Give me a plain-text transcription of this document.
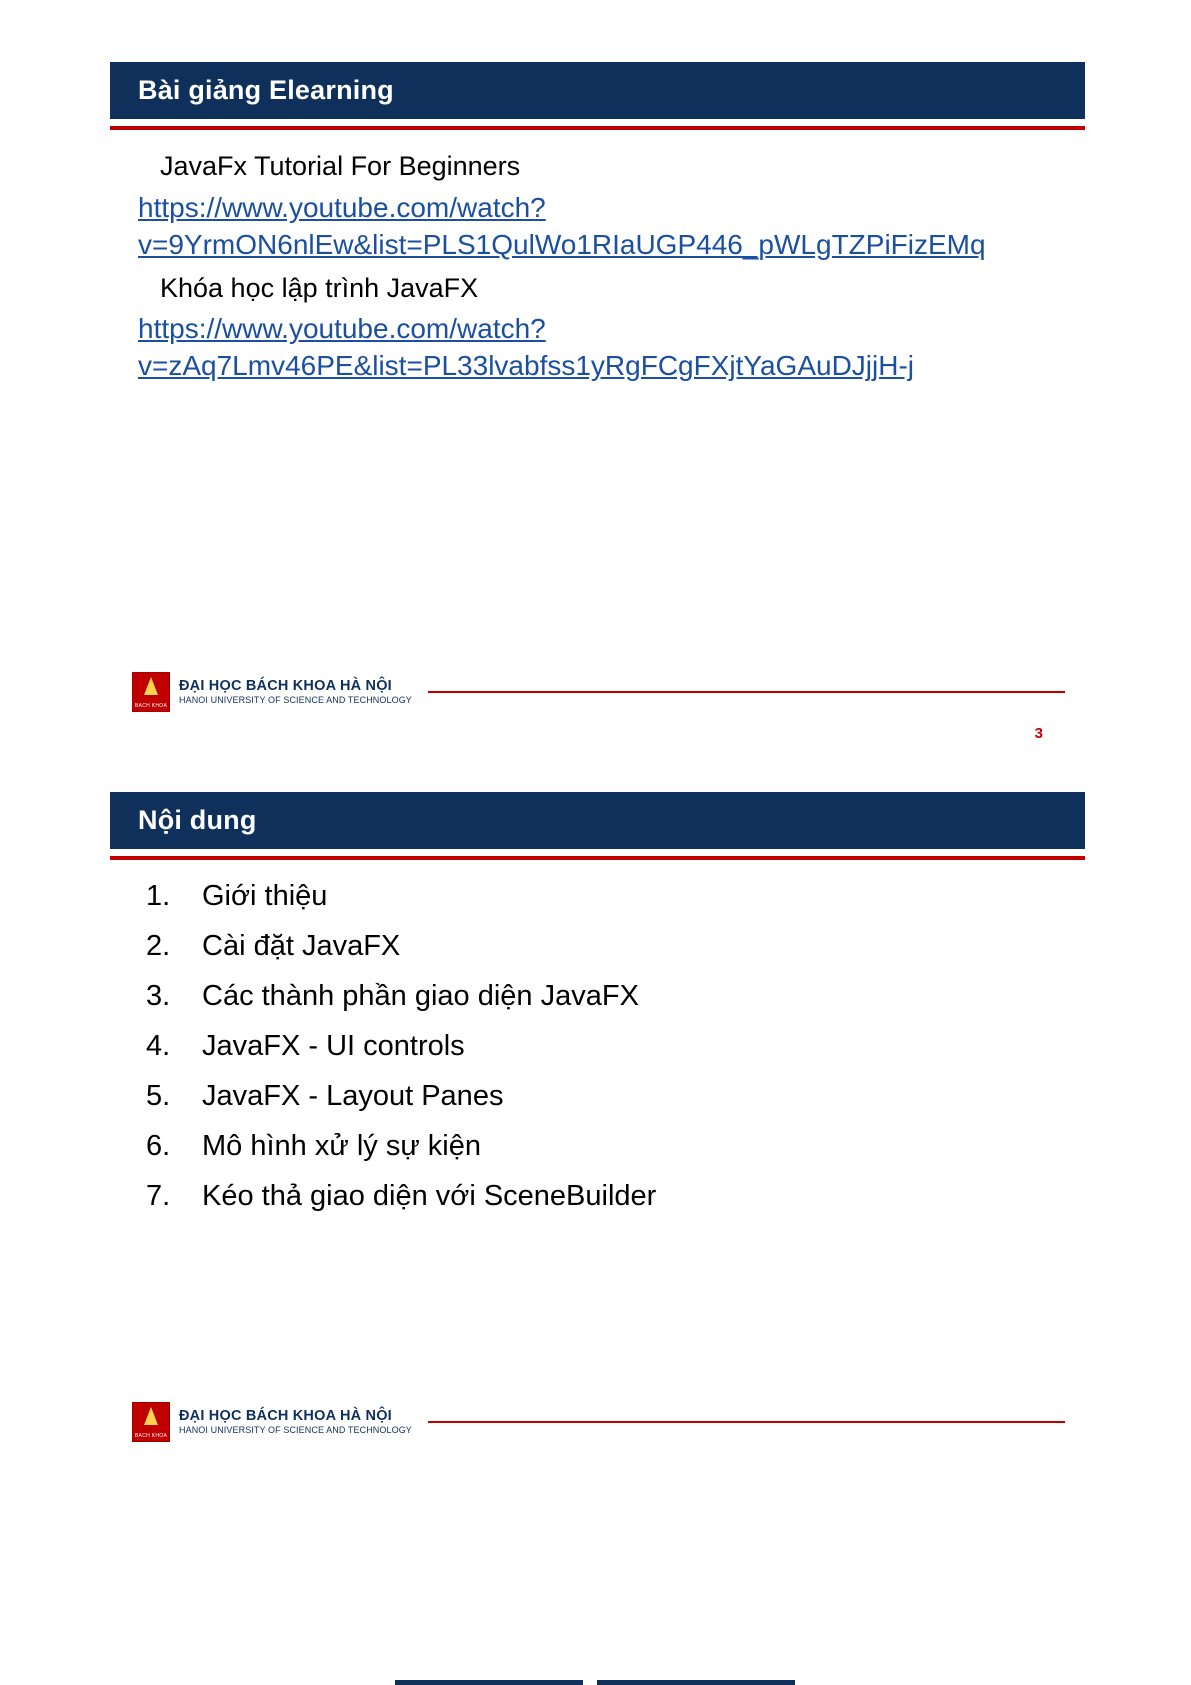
Bài giảng Elearning
JavaFx Tutorial For Beginners
https://www.youtube.com/watch?v=9YrmON6nlEw&list=PLS1QulWo1RIaUGP446_pWLgTZPiFizEMq
Khóa học lập trình JavaFX
https://www.youtube.com/watch?v=zAq7Lmv46PE&list=PL33lvabfss1yRgFCgFXjtYaGAuDJjjH-j
BACH KHOA
ĐẠI HỌC BÁCH KHOA HÀ NỘI
HANOI UNIVERSITY OF SCIENCE AND TECHNOLOGY
3
Nội dung
1.	Giới thiệu
2.	Cài đặt JavaFX
3.	Các thành phần giao diện JavaFX
4.	JavaFX - UI controls
5.	JavaFX - Layout Panes
6.	Mô hình xử lý sự kiện
7.	Kéo thả giao diện với SceneBuilder
BACH KHOA
ĐẠI HỌC BÁCH KHOA HÀ NỘI
HANOI UNIVERSITY OF SCIENCE AND TECHNOLOGY
